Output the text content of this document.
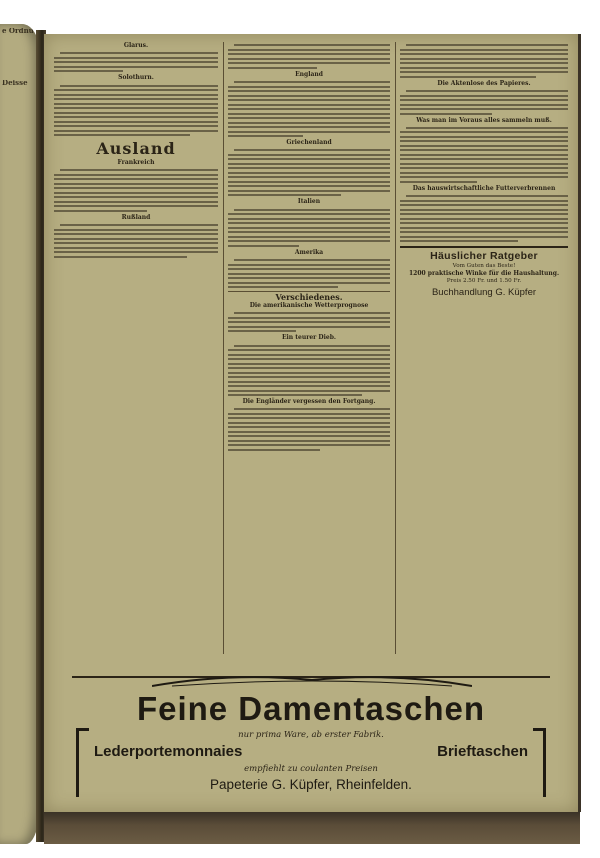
e Ordnu
Deisse
Glarus.
Solothurn.
Ausland
Frankreich
Rußland
England
Griechenland
Italien
Amerika
Verschiedenes.
Die amerikanische Wetterprognose
Ein teurer Dieb.
Die Engländer vergessen den Fortgang.
Die Aktenlose des Papieres.
Was man im Voraus alles sammeln muß.
Das hauswirtschaftliche Futterverbrennen
Häuslicher Ratgeber
Vom Guten das Beste!
1200 praktische Winke für die Haushaltung.
Preis 2.50 Fr. und 1.50 Fr.
Buchhandlung G. Küpfer
Feine Damentaschen
nur prima Ware, ab erster Fabrik.
Lederportemonnaies	Brieftaschen
empfiehlt zu coulanten Preisen
Papeterie G. Küpfer, Rheinfelden.
